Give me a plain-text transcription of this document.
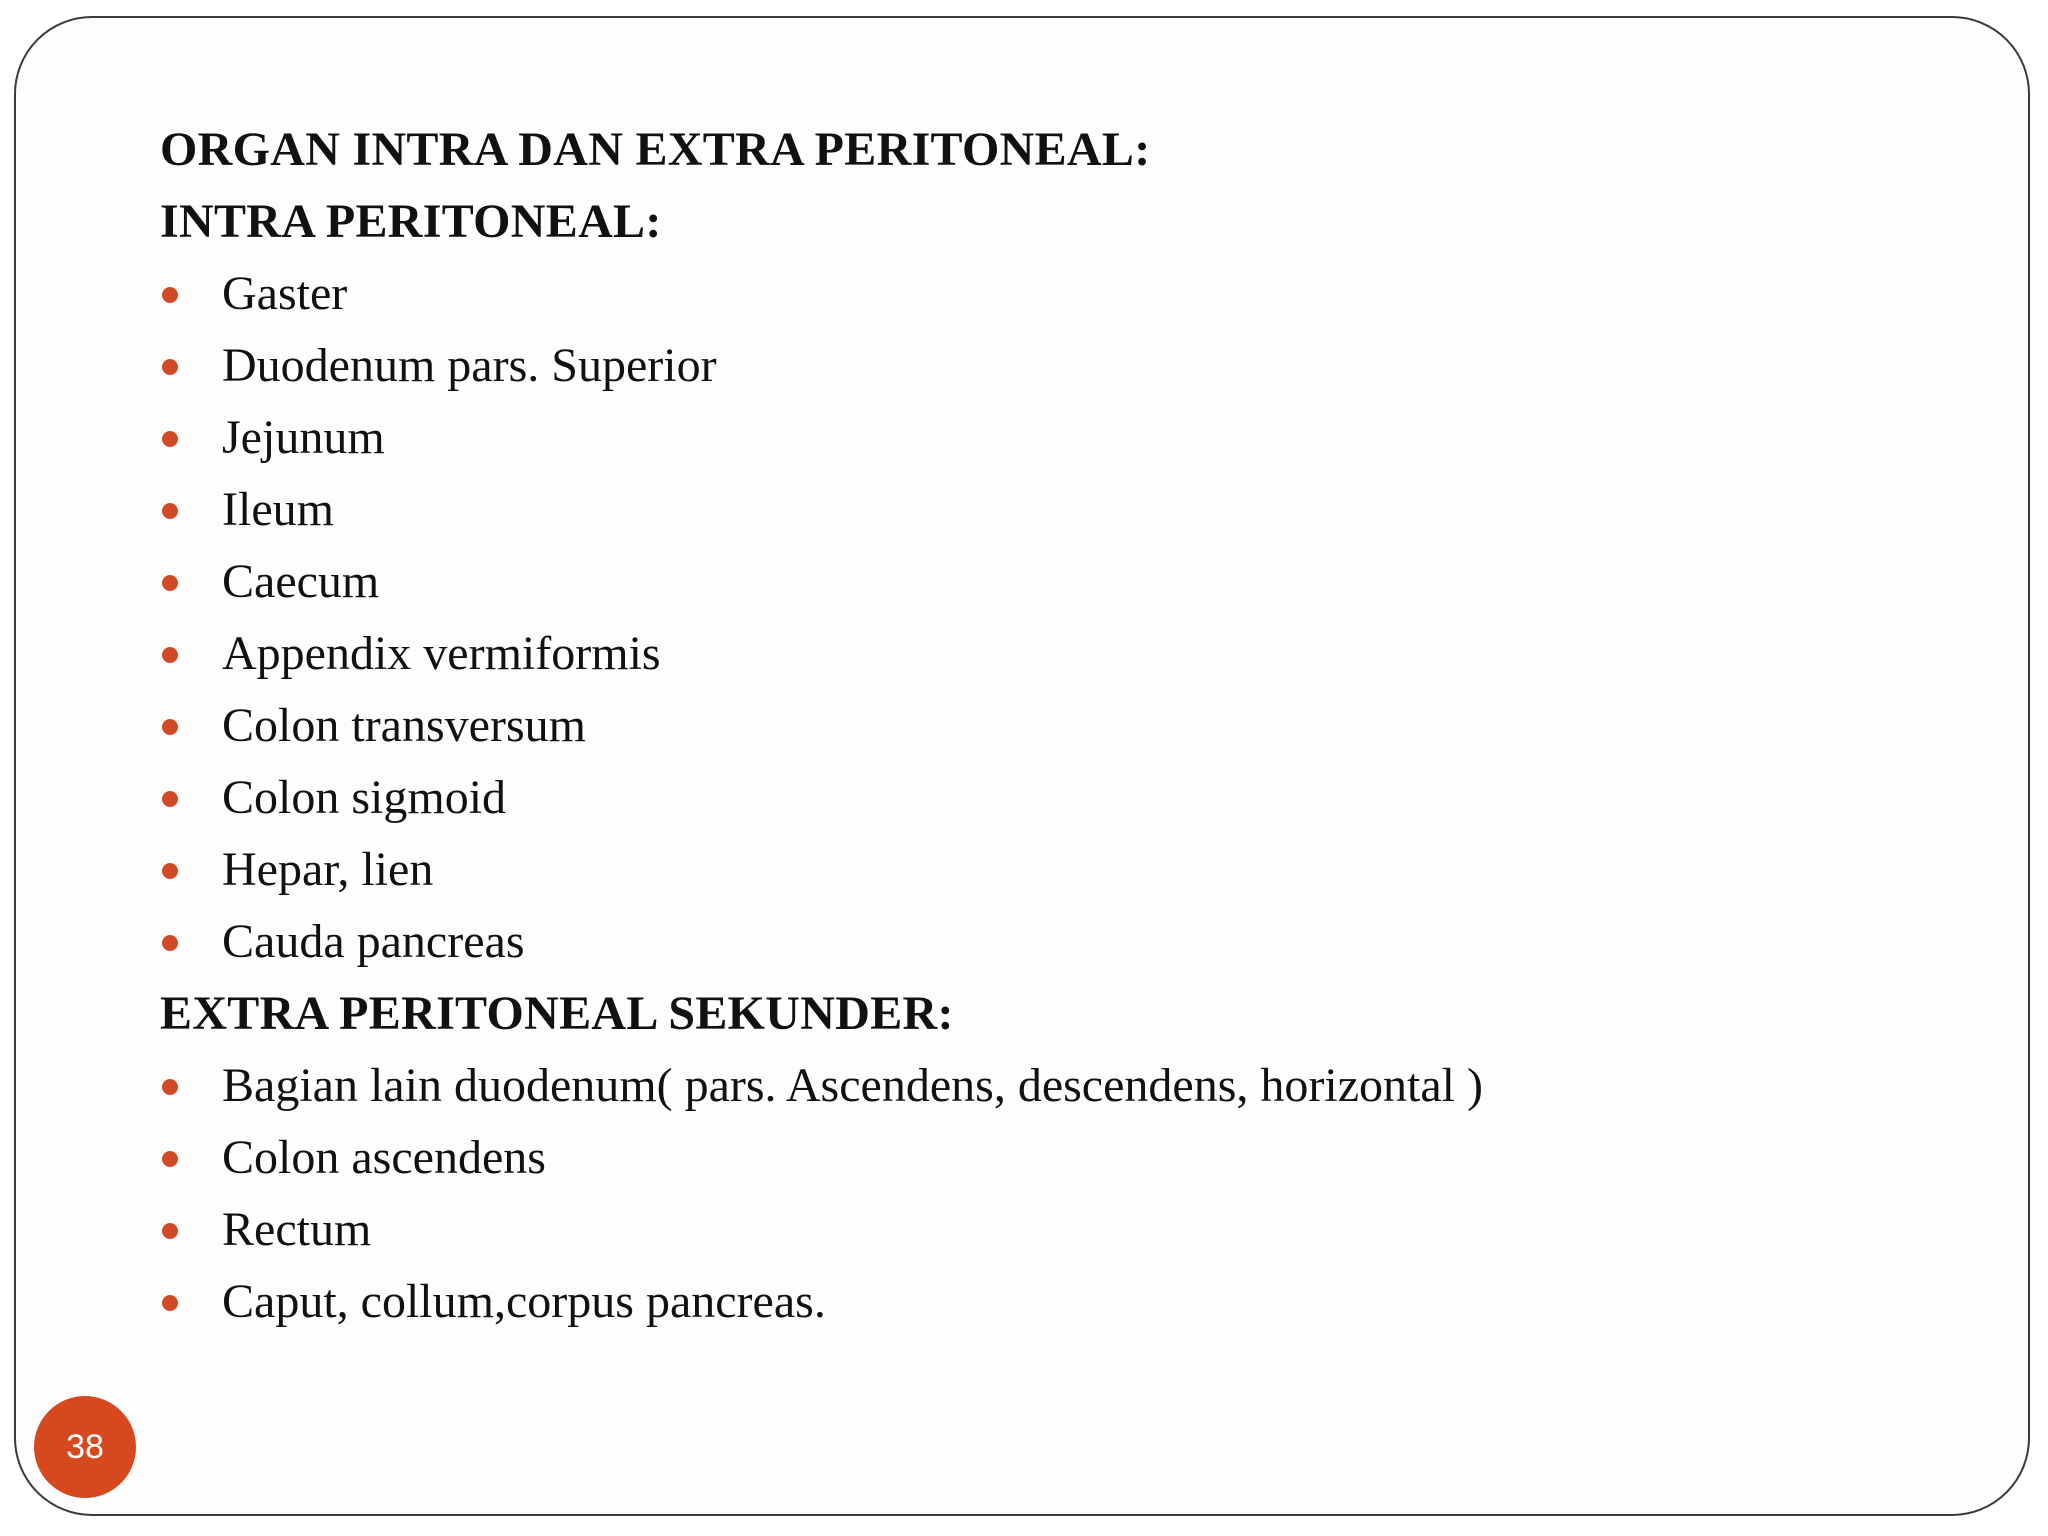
ORGAN INTRA DAN EXTRA PERITONEAL:
INTRA PERITONEAL:
Gaster
Duodenum pars. Superior
Jejunum
Ileum
Caecum
Appendix vermiformis
Colon transversum
Colon sigmoid
Hepar, lien
Cauda pancreas
EXTRA PERITONEAL SEKUNDER:
Bagian lain duodenum( pars. Ascendens, descendens, horizontal )
Colon ascendens
Rectum
Caput, collum,corpus pancreas.
38
